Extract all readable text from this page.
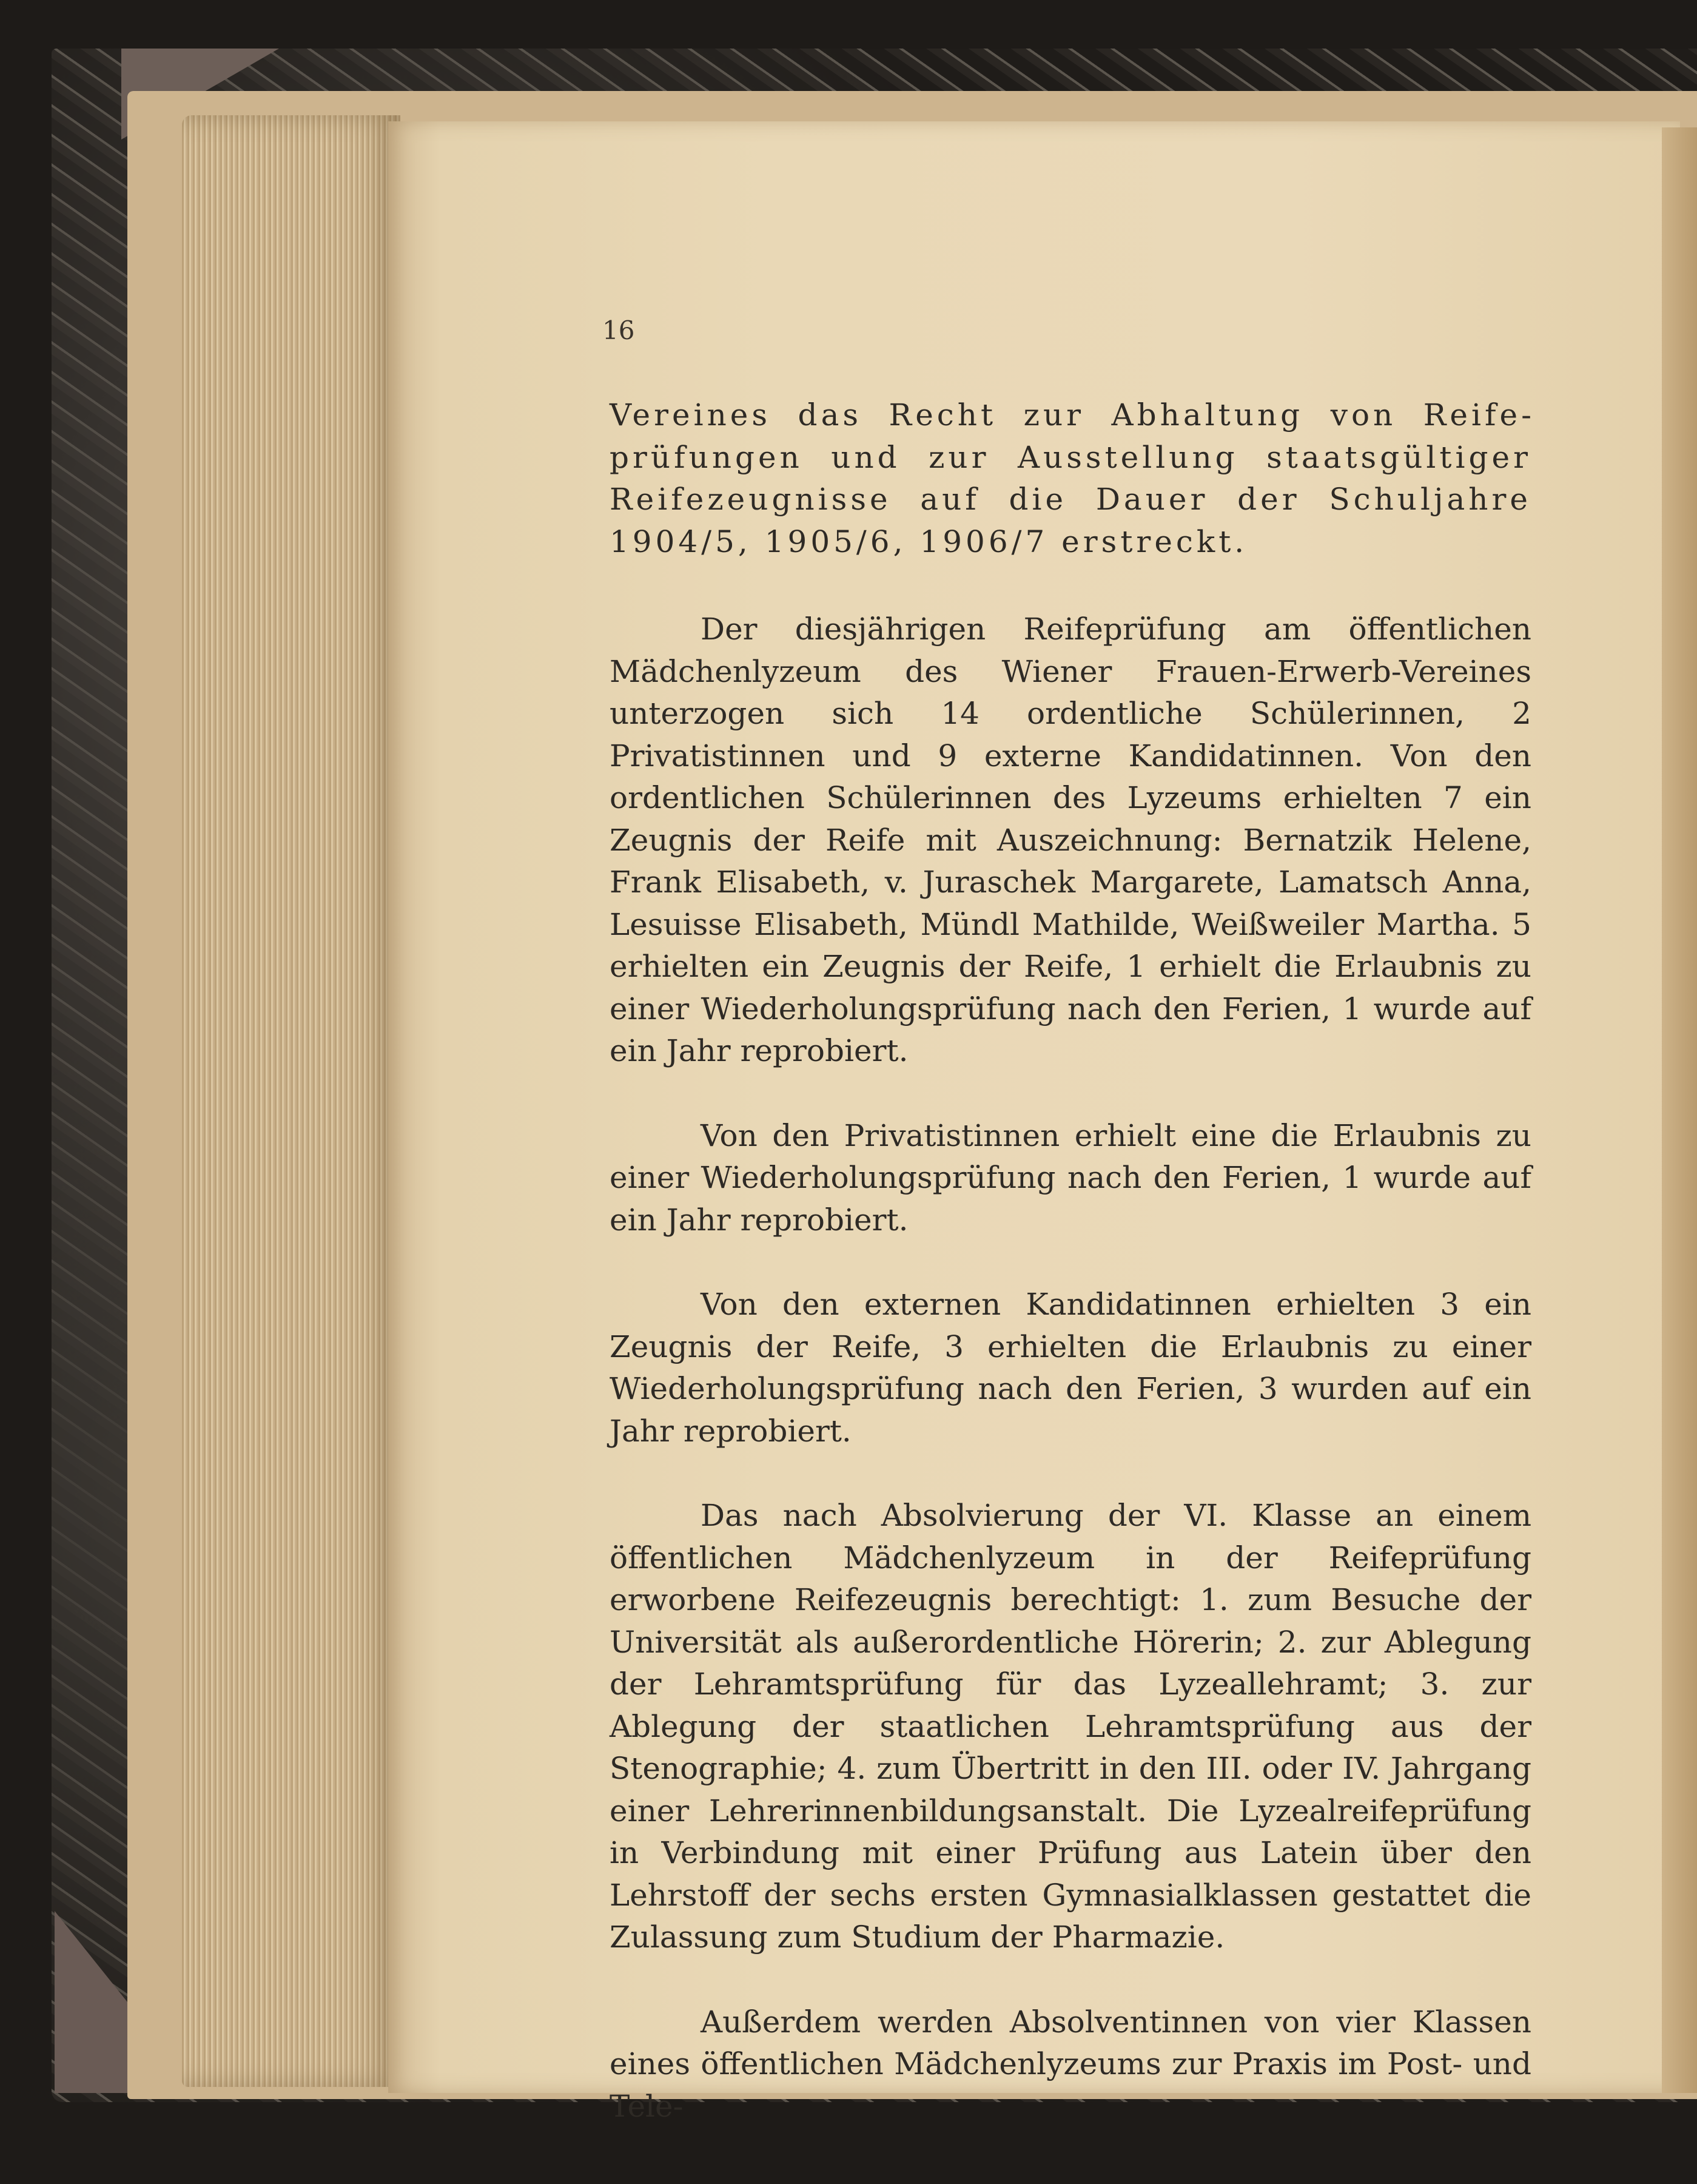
16

Vereines das Recht zur Abhaltung von Reifeprüfungen und zur Ausstellung staatsgültiger Reifezeugnisse auf die Dauer der Schuljahre 1904/5, 1905/6, 1906/7 erstreckt.

Der diesjährigen Reifeprüfung am öffentlichen Mädchenlyzeum des Wiener Frauen-Erwerb-Vereines unterzogen sich 14 ordentliche Schülerinnen, 2 Privatistinnen und 9 externe Kandidatinnen. Von den ordentlichen Schülerinnen des Lyzeums erhielten 7 ein Zeugnis der Reife mit Auszeichnung: Bernatzik Helene, Frank Elisabeth, v. Juraschek Margarete, Lamatsch Anna, Lesuisse Elisabeth, Mündl Mathilde, Weißweiler Martha. 5 erhielten ein Zeugnis der Reife, 1 erhielt die Erlaubnis zu einer Wiederholungsprüfung nach den Ferien, 1 wurde auf ein Jahr reprobiert.

Von den Privatistinnen erhielt eine die Erlaubnis zu einer Wiederholungsprüfung nach den Ferien, 1 wurde auf ein Jahr reprobiert.

Von den externen Kandidatinnen erhielten 3 ein Zeugnis der Reife, 3 erhielten die Erlaubnis zu einer Wiederholungsprüfung nach den Ferien, 3 wurden auf ein Jahr reprobiert.

Das nach Absolvierung der VI. Klasse an einem öffentlichen Mädchenlyzeum in der Reifeprüfung erworbene Reifezeugnis berechtigt: 1. zum Besuche der Universität als außerordentliche Hörerin; 2. zur Ablegung der Lehramtsprüfung für das Lyzeallehramt; 3. zur Ablegung der staatlichen Lehramtsprüfung aus der Stenographie; 4. zum Übertritt in den III. oder IV. Jahrgang einer Lehrerinnenbildungsanstalt. Die Lyzealreifeprüfung in Verbindung mit einer Prüfung aus Latein über den Lehrstoff der sechs ersten Gymnasialklassen gestattet die Zulassung zum Studium der Pharmazie.

Außerdem werden Absolventinnen von vier Klassen eines öffentlichen Mädchenlyzeums zur Praxis im Post- und Tele-
